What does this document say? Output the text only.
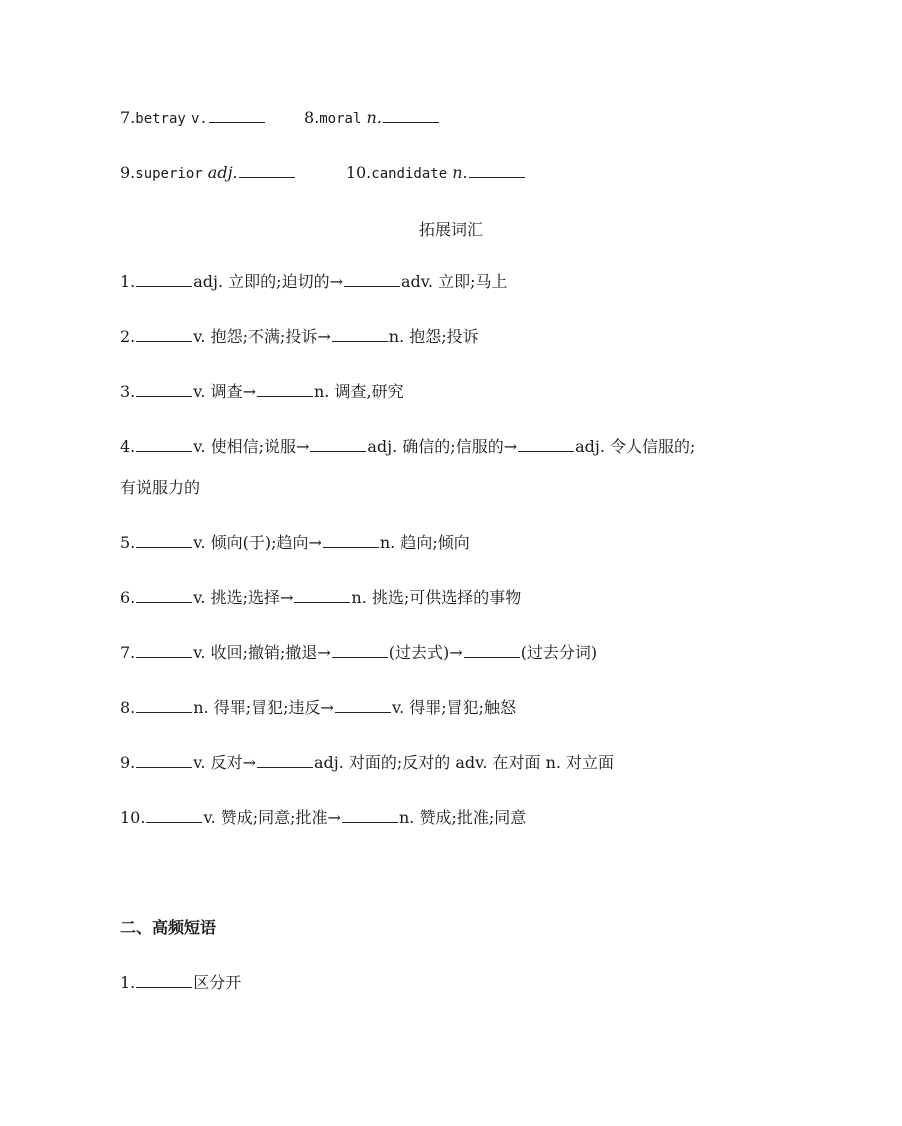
7.betray v.	8.moral n.
9.superior adj.	10.candidate n.
拓展词汇
1.	adj. 立即的;迫切的→	adv. 立即;马上
2.	v. 抱怨;不满;投诉→	n. 抱怨;投诉
3.	v. 调查→	n. 调查,研究
4.	v. 使相信;说服→	adj. 确信的;信服的→	adj. 令人信服的;
有说服力的
5.	v. 倾向(于);趋向→	n. 趋向;倾向
6.	v. 挑选;选择→	n. 挑选;可供选择的事物
7.	v. 收回;撤销;撤退→	(过去式)→	(过去分词)
8.	n. 得罪;冒犯;违反→	v. 得罪;冒犯;触怒
9.	v. 反对→	adj. 对面的;反对的 adv. 在对面 n. 对立面
10.	v. 赞成;同意;批准→	n. 赞成;批准;同意
二、高频短语
1.	区分开
